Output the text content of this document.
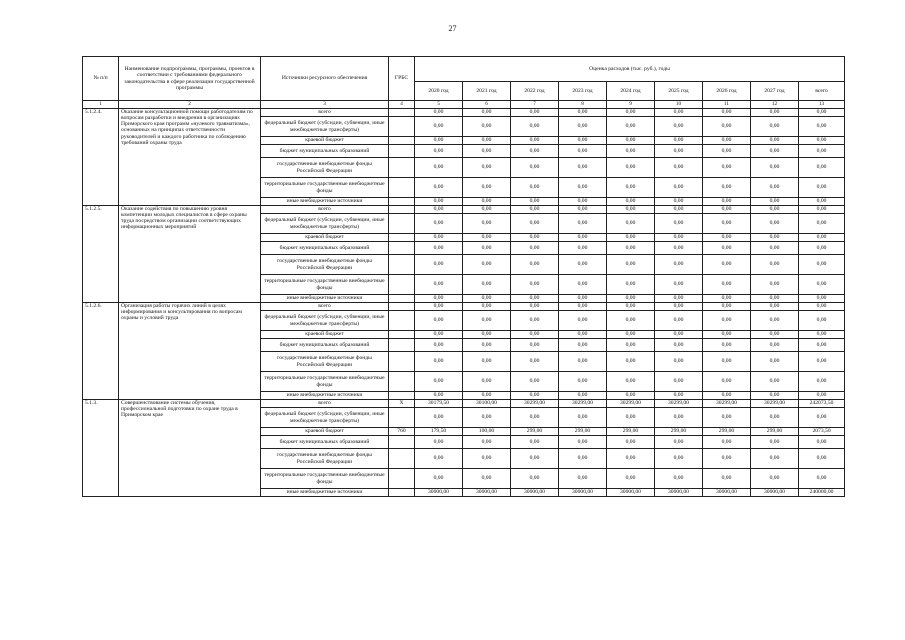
27
№ п/п	Наименование подпрограммы, программы, проектов в соответствии с требованиями федерального законодательства в сфере реализации государственной программы	Источники ресурсного обеспечения	ГРБС	Оценка расходов (тыс. руб.), годы								
				2020 год	2021 год	2022 год	2023 год	2024 год	2025 год	2026 год	2027 год	всего
1	2	3	4	5	6	7	8	9	10	11	12	13
5.1.2.4.	Оказание консультационной помощи работодателям по вопросам разработки и внедрения в организациях Приморского края программ «нулевого травматизма», основанных на принципах ответственности руководителей и каждого работника по соблюдению требований охраны труда	всего		0,00	0,00	0,00	0,00	0,00	0,00	0,00	0,00	0,00
		федеральный бюджет (субсидии, субвенции, иные межбюджетные трансферты)		0,00	0,00	0,00	0,00	0,00	0,00	0,00	0,00	0,00
		краевой бюджет		0,00	0,00	0,00	0,00	0,00	0,00	0,00	0,00	0,00
		бюджет муниципальных образований		0,00	0,00	0,00	0,00	0,00	0,00	0,00	0,00	0,00
		государственные внебюджетные фонды Российской Федерации		0,00	0,00	0,00	0,00	0,00	0,00	0,00	0,00	0,00
		территориальные государственные внебюджетные фонды		0,00	0,00	0,00	0,00	0,00	0,00	0,00	0,00	0,00
		иные внебюджетные источники		0,00	0,00	0,00	0,00	0,00	0,00	0,00	0,00	0,00
5.1.2.5.	Оказание содействия по повышению уровня компетенции молодых специалистов в сфере охраны труда посредством организации соответствующих информационных мероприятий	всего		0,00	0,00	0,00	0,00	0,00	0,00	0,00	0,00	0,00
		федеральный бюджет (субсидии, субвенции, иные межбюджетные трансферты)		0,00	0,00	0,00	0,00	0,00	0,00	0,00	0,00	0,00
		краевой бюджет		0,00	0,00	0,00	0,00	0,00	0,00	0,00	0,00	0,00
		бюджет муниципальных образований		0,00	0,00	0,00	0,00	0,00	0,00	0,00	0,00	0,00
		государственные внебюджетные фонды Российской Федерации		0,00	0,00	0,00	0,00	0,00	0,00	0,00	0,00	0,00
		территориальные государственные внебюджетные фонды		0,00	0,00	0,00	0,00	0,00	0,00	0,00	0,00	0,00
		иные внебюджетные источники		0,00	0,00	0,00	0,00	0,00	0,00	0,00	0,00	0,00
5.1.2.6.	Организация работы горячих линий в целях информирования и консультирования по вопросам охраны и условий труда	всего		0,00	0,00	0,00	0,00	0,00	0,00	0,00	0,00	0,00
		федеральный бюджет (субсидии, субвенции, иные межбюджетные трансферты)		0,00	0,00	0,00	0,00	0,00	0,00	0,00	0,00	0,00
		краевой бюджет		0,00	0,00	0,00	0,00	0,00	0,00	0,00	0,00	0,00
		бюджет муниципальных образований		0,00	0,00	0,00	0,00	0,00	0,00	0,00	0,00	0,00
		государственные внебюджетные фонды Российской Федерации		0,00	0,00	0,00	0,00	0,00	0,00	0,00	0,00	0,00
		территориальные государственные внебюджетные фонды		0,00	0,00	0,00	0,00	0,00	0,00	0,00	0,00	0,00
		иные внебюджетные источники		0,00	0,00	0,00	0,00	0,00	0,00	0,00	0,00	0,00
5.1.3.	Совершенствование системы обучения, профессиональной подготовки по охране труда в Приморском крае	всего	X	30179,50	30100,00	30299,00	30299,00	30299,00	30299,00	30299,00	30299,00	242073,50
		федеральный бюджет (субсидии, субвенции, иные межбюджетные трансферты)		0,00	0,00	0,00	0,00	0,00	0,00	0,00	0,00	0,00
		краевой бюджет	760	179,50	100,00	299,00	299,00	299,00	299,00	299,00	299,00	2073,50
		бюджет муниципальных образований		0,00	0,00	0,00	0,00	0,00	0,00	0,00	0,00	0,00
		государственные внебюджетные фонды Российской Федерации		0,00	0,00	0,00	0,00	0,00	0,00	0,00	0,00	0,00
		территориальные государственные внебюджетные фонды		0,00	0,00	0,00	0,00	0,00	0,00	0,00	0,00	0,00
		иные внебюджетные источники		30000,00	30000,00	30000,00	30000,00	30000,00	30000,00	30000,00	30000,00	240000,00
